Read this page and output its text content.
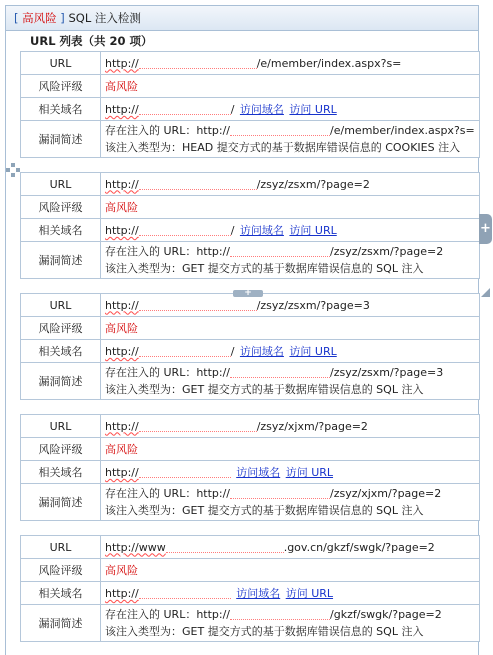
[ 高风险 ] SQL 注入检测
URL 列表（共 20 项）
URL	http:// /e/member/index.aspx?s=
风险评级	高风险
相关域名	http:// / 访问域名 访问 URL
漏洞简述	存在注入的 URL：http:// /e/member/index.aspx?s=
该注入类型为：HEAD 提交方式的基于数据库错误信息的 COOKIES 注入
URL	http:// /zsyz/zsxm/?page=2
风险评级	高风险
相关域名	http:// / 访问域名 访问 URL
漏洞简述	存在注入的 URL：http:// /zsyz/zsxm/?page=2
该注入类型为：GET 提交方式的基于数据库错误信息的 SQL 注入
URL	http:// /zsyz/zsxm/?page=3
风险评级	高风险
相关域名	http:// / 访问域名 访问 URL
漏洞简述	存在注入的 URL：http:// /zsyz/zsxm/?page=3
该注入类型为：GET 提交方式的基于数据库错误信息的 SQL 注入
URL	http:// /zsyz/xjxm/?page=2
风险评级	高风险
相关域名	http:// 访问域名 访问 URL
漏洞简述	存在注入的 URL：http:// /zsyz/xjxm/?page=2
该注入类型为：GET 提交方式的基于数据库错误信息的 SQL 注入
URL	http://www .gov.cn/gkzf/swgk/?page=2
风险评级	高风险
相关域名	http:// 访问域名 访问 URL
漏洞简述	存在注入的 URL：http:// /gkzf/swgk/?page=2
该注入类型为：GET 提交方式的基于数据库错误信息的 SQL 注入
+
+
